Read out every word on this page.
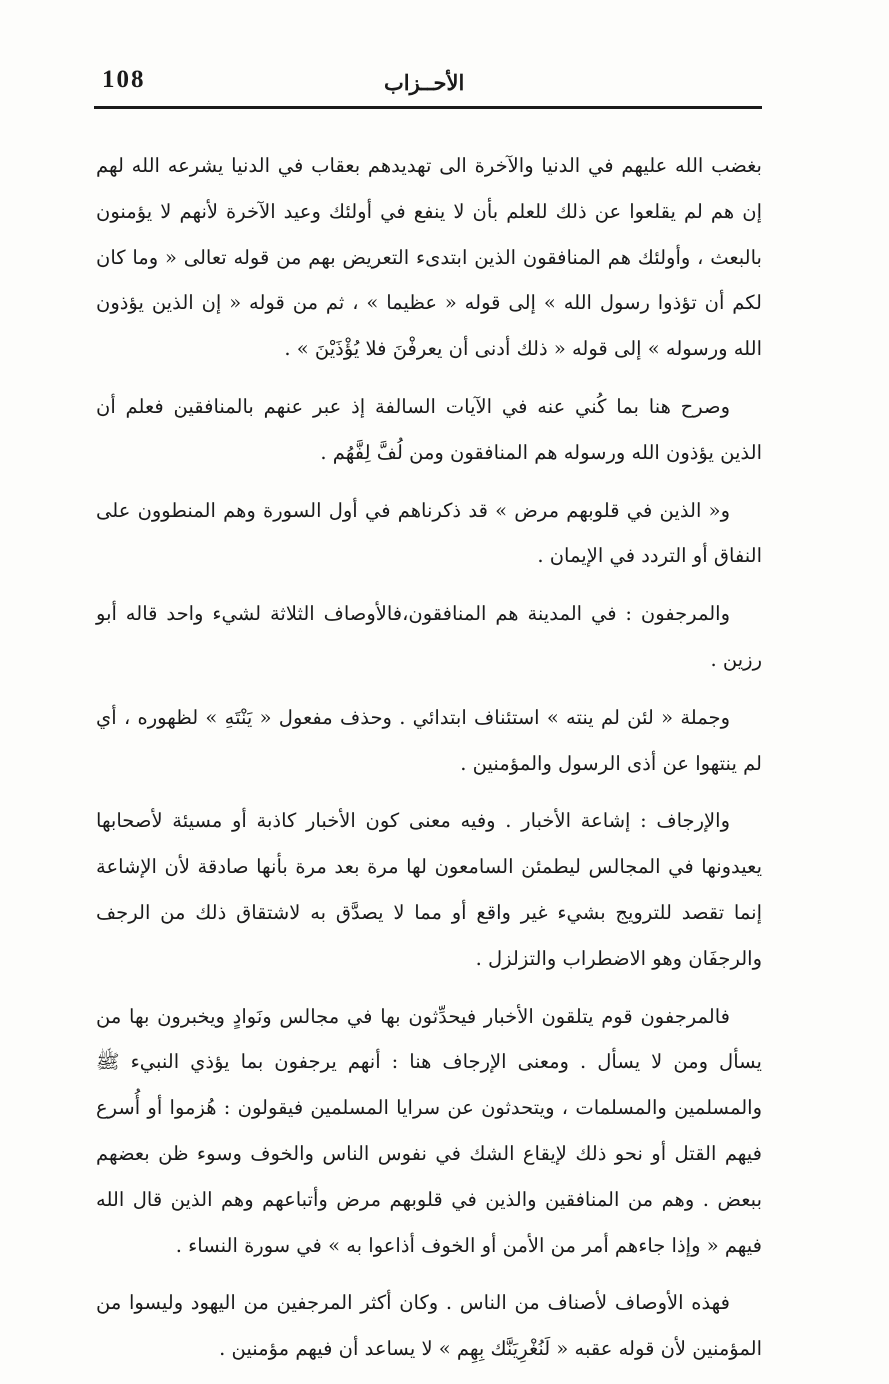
108	الأحــزاب

بغضب الله عليهم في الدنيا والآخرة الى تهديدهم بعقاب في الدنيا يشرعه الله لهم إن هم لم يقلعوا عن ذلك للعلم بأن لا ينفع في أولئك وعيد الآخرة لأنهم لا يؤمنون بالبعث ، وأولئك هم المنافقون الذين ابتدىء التعريض بهم من قوله تعالى « وما كان لكم أن تؤذوا رسول الله » إلى قوله « عظيما » ، ثم من قوله « إن الذين يؤذون الله ورسوله » إلى قوله « ذلك أدنى أن يعرفْنَ فلا يُؤْذَيْنَ » .

وصرح هنا بما كُني عنه في الآيات السالفة إذ عبر عنهم بالمنافقين فعلم أن الذين يؤذون الله ورسوله هم المنافقون ومن لُفَّ لِفَّهُم .

و« الذين في قلوبهم مرض » قد ذكرناهم في أول السورة وهم المنطوون على النفاق أو التردد في الإيمان .

والمرجفون : في المدينة هم المنافقون،فالأوصاف الثلاثة لشيء واحد قاله أبو رزين .

وجملة « لئن لم ينته » استئناف ابتدائي . وحذف مفعول « يَنْتَهِ » لظهوره ، أي لم ينتهوا عن أذى الرسول والمؤمنين .

والإرجاف : إشاعة الأخبار . وفيه معنى كون الأخبار كاذبة أو مسيئة لأصحابها يعيدونها في المجالس ليطمئن السامعون لها مرة بعد مرة بأنها صادقة لأن الإشاعة إنما تقصد للترويج بشيء غير واقع أو مما لا يصدَّق به لاشتقاق ذلك من الرجف والرجفَان وهو الاضطراب والتزلزل .

فالمرجفون قوم يتلقون الأخبار فيحدِّثون بها في مجالس ونَوادٍ ويخبرون بها من يسأل ومن لا يسأل . ومعنى الإرجاف هنا : أنهم يرجفون بما يؤذي النبيء ﷺ والمسلمين والمسلمات ، ويتحدثون عن سرايا المسلمين فيقولون : هُزموا أو أُسرع فيهم القتل أو نحو ذلك لإيقاع الشك في نفوس الناس والخوف وسوء ظن بعضهم ببعض . وهم من المنافقين والذين في قلوبهم مرض وأتباعهم وهم الذين قال الله فيهم « وإذا جاءهم أمر من الأمن أو الخوف أذاعوا به » في سورة النساء .

فهذه الأوصاف لأصناف من الناس . وكان أكثر المرجفين من اليهود وليسوا من المؤمنين لأن قوله عقبه « لَنُغْرِيَنَّك بِهِم » لا يساعد أن فيهم مؤمنين .
